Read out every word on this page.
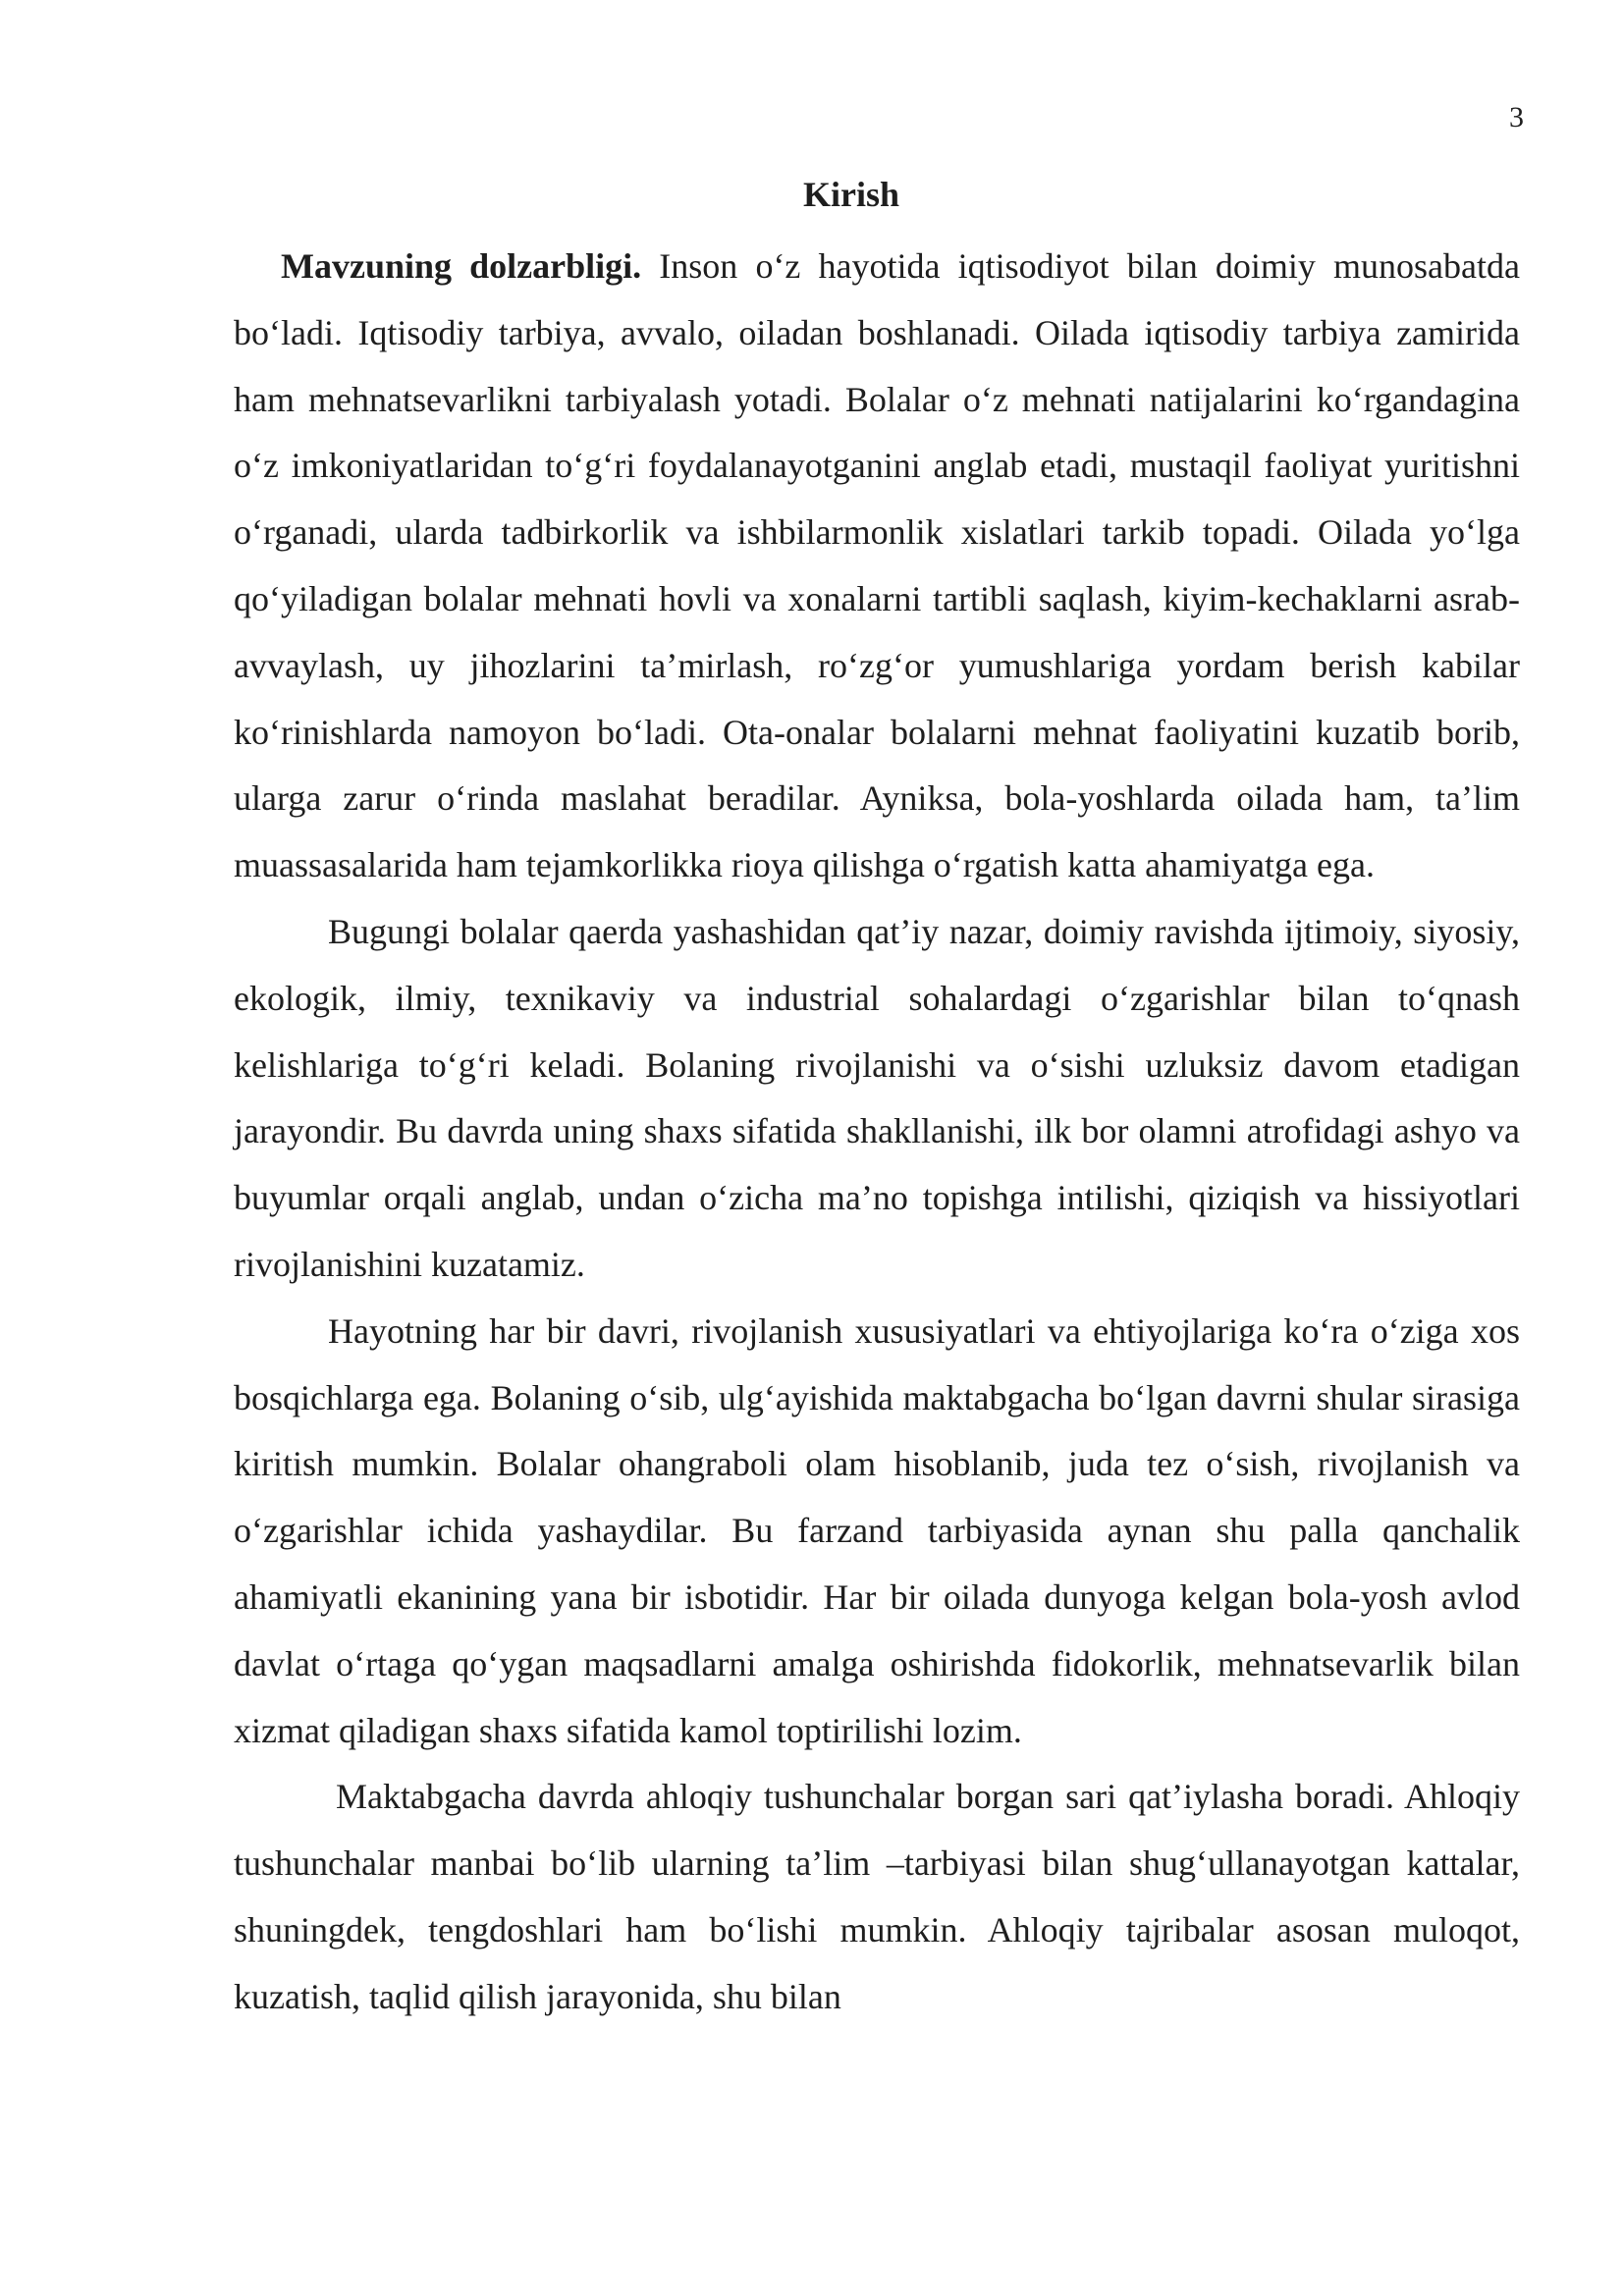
3
Kirish

Mavzuning dolzarbligi. Inson o‘z hayotida iqtisodiyot bilan doimiy munosabatda bo‘ladi. Iqtisodiy tarbiya, avvalo, oiladan boshlanadi. Oilada iqtisodiy tarbiya zamirida ham mehnatsevarlikni tarbiyalash yotadi. Bolalar o‘z mehnati natijalarini ko‘rgandagina o‘z imkoniyatlaridan to‘g‘ri foydalanayotganini anglab etadi, mustaqil faoliyat yuritishni o‘rganadi, ularda tadbirkorlik va ishbilarmonlik xislatlari tarkib topadi. Oilada yo‘lga qo‘yiladigan bolalar mehnati hovli va xonalarni tartibli saqlash, kiyim-kechaklarni asrab-avvaylash, uy jihozlarini ta’mirlash, ro‘zg‘or yumushlariga yordam berish kabilar ko‘rinishlarda namoyon bo‘ladi. Ota-onalar bolalarni mehnat faoliyatini kuzatib borib, ularga zarur o‘rinda maslahat beradilar. Ayniksa, bola-yoshlarda oilada ham, ta’lim muassasalarida ham tejamkorlikka rioya qilishga o‘rgatish katta ahamiyatga ega.

Bugungi bolalar qaerda yashashidan qat’iy nazar, doimiy ravishda ijtimoiy, siyosiy, ekologik, ilmiy, texnikaviy va industrial sohalardagi o‘zgarishlar bilan to‘qnash kelishlariga to‘g‘ri keladi. Bolaning rivojlanishi va o‘sishi uzluksiz davom etadigan jarayondir. Bu davrda uning shaxs sifatida shakllanishi, ilk bor olamni atrofidagi ashyo va buyumlar orqali anglab, undan o‘zicha ma’no topishga intilishi, qiziqish va hissiyotlari rivojlanishini kuzatamiz.

Hayotning har bir davri, rivojlanish xususiyatlari va ehtiyojlariga ko‘ra o‘ziga xos bosqichlarga ega. Bolaning o‘sib, ulg‘ayishida maktabgacha bo‘lgan davrni shular sirasiga kiritish mumkin. Bolalar ohangraboli olam hisoblanib, juda tez o‘sish, rivojlanish va o‘zgarishlar ichida yashaydilar. Bu farzand tarbiyasida aynan shu palla qanchalik ahamiyatli ekanining yana bir isbotidir. Har bir oilada dunyoga kelgan bola-yosh avlod davlat o‘rtaga qo‘ygan maqsadlarni amalga oshirishda fidokorlik, mehnatsevarlik bilan xizmat qiladigan shaxs sifatida kamol toptirilishi lozim.

Maktabgacha davrda ahloqiy tushunchalar borgan sari qat’iylasha boradi. Ahloqiy tushunchalar manbai bo‘lib ularning ta’lim –tarbiyasi bilan shug‘ullanayotgan kattalar, shuningdek, tengdoshlari ham bo‘lishi mumkin. Ahloqiy tajribalar asosan muloqot, kuzatish, taqlid qilish jarayonida, shu bilan
